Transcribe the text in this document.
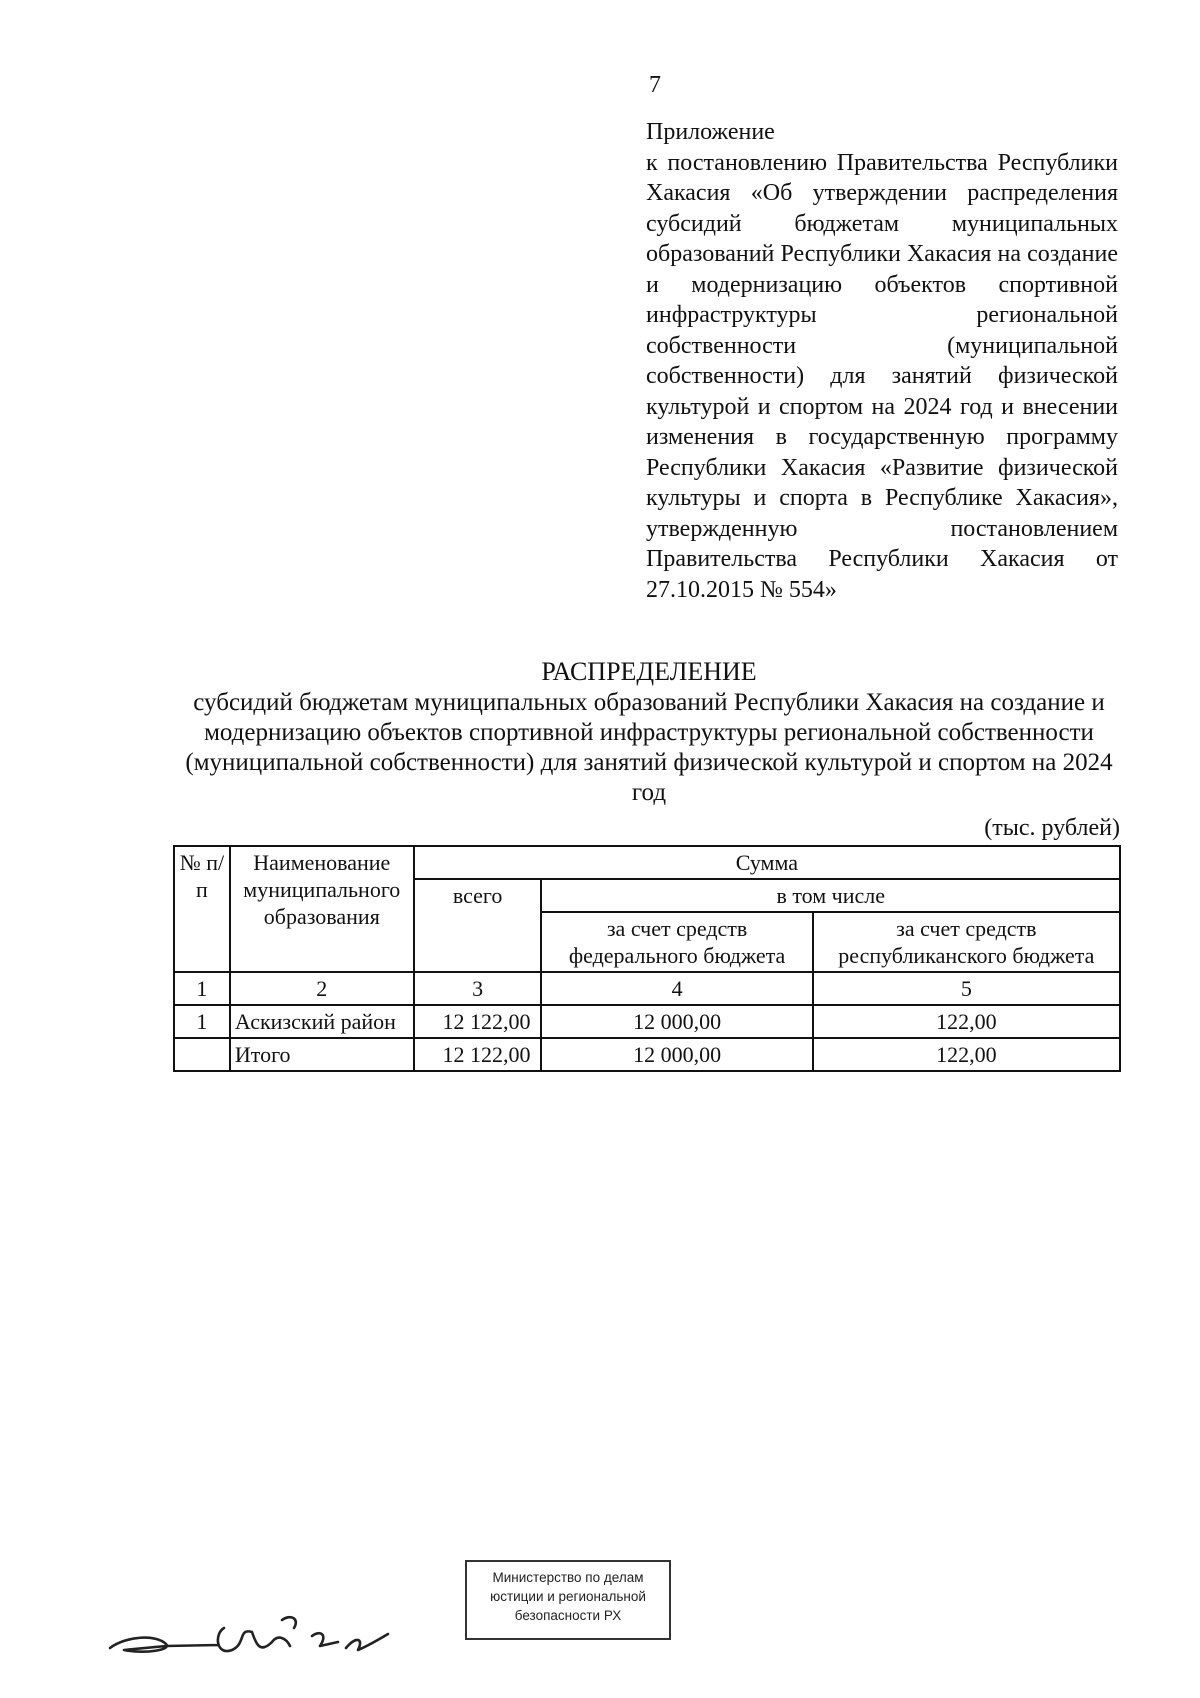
7
Приложение
к постановлению Правительства Республики Хакасия «Об утверждении распределения субсидий бюджетам муниципальных образований Республики Хакасия на создание и модернизацию объектов спортивной инфраструктуры региональной собственности (муниципальной собственности) для занятий физической культурой и спортом на 2024 год и внесении изменения в государственную программу Республики Хакасия «Развитие физической культуры и спорта в Республике Хакасия», утвержденную постановлением Правительства Республики Хакасия от 27.10.2015 № 554»
РАСПРЕДЕЛЕНИЕ
субсидий бюджетам муниципальных образований Республики Хакасия на создание и модернизацию объектов спортивной инфраструктуры региональной собственности (муниципальной собственности) для занятий физической культурой и спортом на 2024 год
(тыс. рублей)
№ п/п	Наименование муниципального образования	Сумма		
		всего	в том числе	
			за счет средств федерального бюджета	за счет средств республиканского бюджета
1	2	3	4	5
1	Аскизский район	12 122,00	12 000,00	122,00
	Итого	12 122,00	12 000,00	122,00
Министерство по делам
юстиции и региональной
безопасности РХ
